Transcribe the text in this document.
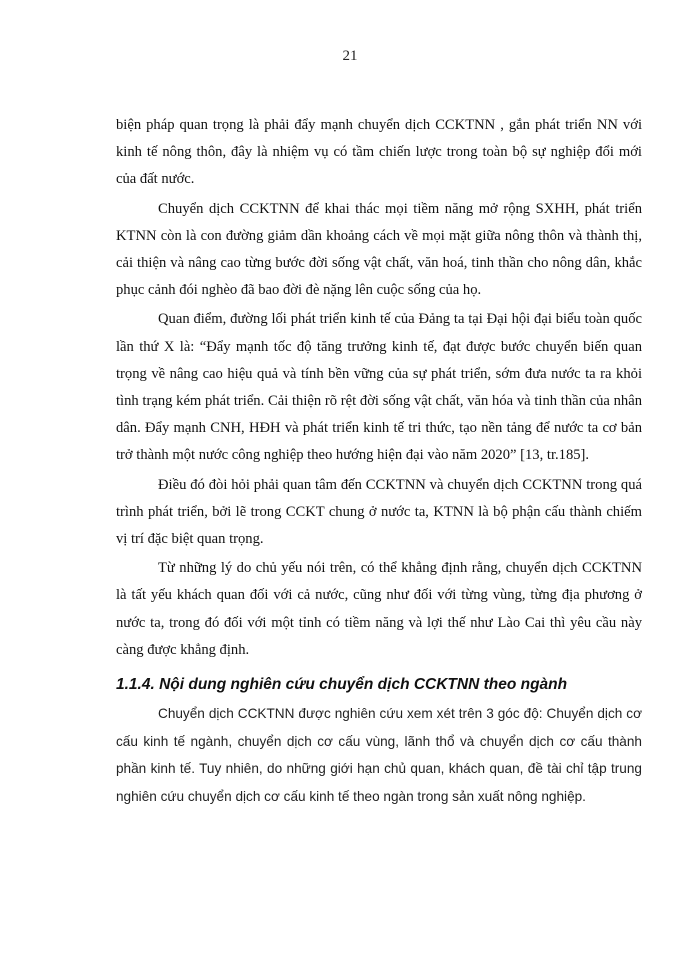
21

biện pháp quan trọng là phải đẩy mạnh chuyển dịch CCKTNN , gắn phát triển NN với kinh tế nông thôn, đây là nhiệm vụ có tầm chiến lược trong toàn bộ sự nghiệp đổi mới của đất nước.

Chuyển dịch CCKTNN để khai thác mọi tiềm năng mở rộng SXHH, phát triển KTNN còn là con đường giảm dần khoảng cách về mọi mặt giữa nông thôn và thành thị, cải thiện và nâng cao từng bước đời sống vật chất, văn hoá, tinh thần cho nông dân, khắc phục cảnh đói nghèo đã bao đời đè nặng lên cuộc sống của họ.

Quan điểm, đường lối phát triển kinh tế của Đảng ta tại Đại hội đại biểu toàn quốc lần thứ X là: “Đẩy mạnh tốc độ tăng trưởng kinh tế, đạt được bước chuyển biến quan trọng về nâng cao hiệu quả và tính bền vững của sự phát triển, sớm đưa nước ta ra khỏi tình trạng kém phát triển. Cải thiện rõ rệt đời sống vật chất, văn hóa và tinh thần của nhân dân. Đẩy mạnh CNH, HĐH và phát triển kinh tế tri thức, tạo nền tảng để nước ta cơ bản trở thành một nước công nghiệp theo hướng hiện đại vào năm 2020” [13, tr.185].

Điều đó đòi hỏi phải quan tâm đến CCKTNN và chuyển dịch CCKTNN trong quá trình phát triển, bởi lẽ trong CCKT chung ở nước ta, KTNN là bộ phận cấu thành chiếm vị trí đặc biệt quan trọng.

Từ những lý do chủ yếu nói trên, có thể khẳng định rằng, chuyển dịch CCKTNN là tất yếu khách quan đối với cả nước, cũng như đối với từng vùng, từng địa phương ở nước ta, trong đó đối với một tỉnh có tiềm năng và lợi thế như Lào Cai thì yêu cầu này càng được khẳng định.

1.1.4. Nội dung nghiên cứu chuyển dịch CCKTNN theo ngành

Chuyển dịch CCKTNN được nghiên cứu xem xét trên 3 góc độ: Chuyển dịch cơ cấu kinh tế ngành, chuyển dịch cơ cấu vùng, lãnh thổ và chuyển dịch cơ cấu thành phần kinh tế. Tuy nhiên, do những giới hạn chủ quan, khách quan, đề tài chỉ tập trung nghiên cứu chuyển dịch cơ cấu kinh tế theo ngàn trong sản xuất nông nghiệp.
